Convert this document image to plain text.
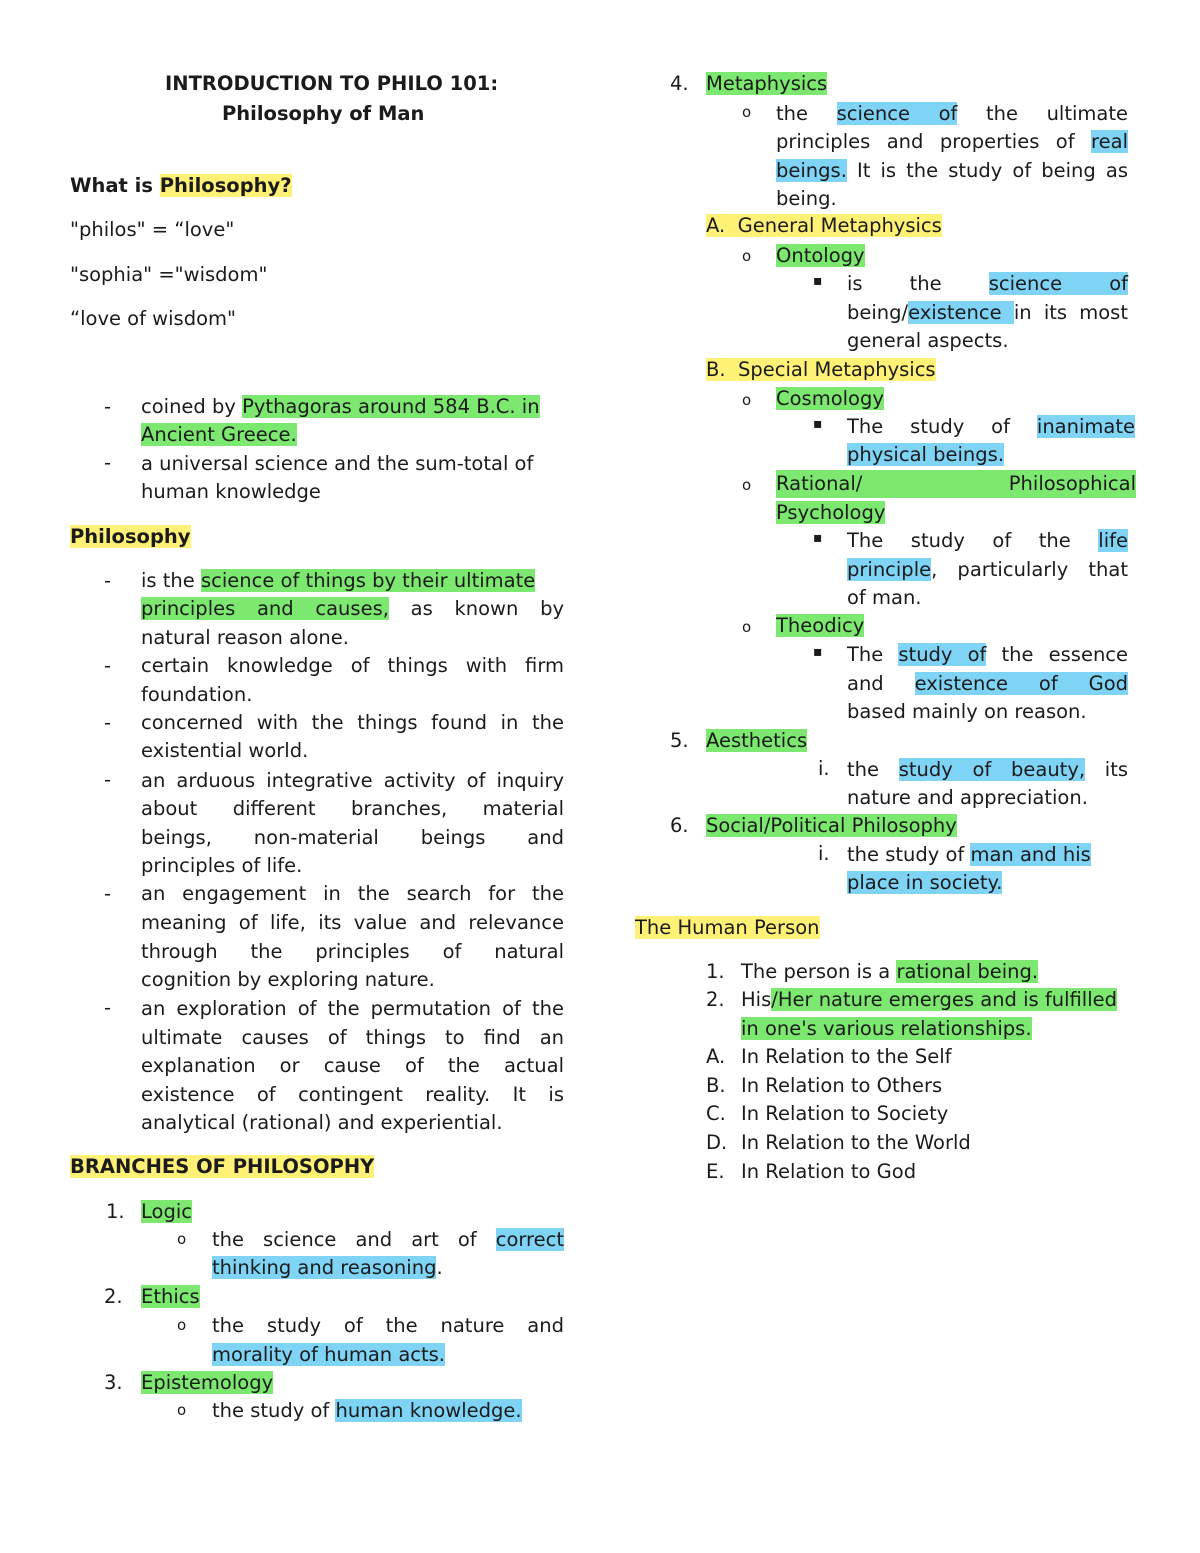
INTRODUCTION TO PHILO 101:
Philosophy of Man
What is Philosophy?
"philos" = “love"
"sophia" ="wisdom"
“love of wisdom"
- coined by Pythagoras around 584 B.C. in
Ancient Greece.
- a universal science and the sum-total of
human knowledge
Philosophy
- is the science of things by their ultimate
principles and causes, as known by
natural reason alone.
- certain knowledge of things with firm
foundation.
- concerned with the things found in the
existential world.
- an arduous integrative activity of inquiry
about different branches, material
beings, non-material beings and
principles of life.
- an engagement in the search for the
meaning of life, its value and relevance
through the principles of natural
cognition by exploring nature.
- an exploration of the permutation of the
ultimate causes of things to find an
explanation or cause of the actual
existence of contingent reality. It is
analytical (rational) and experiential.
BRANCHES OF PHILOSOPHY
1. Logic
o the science and art of correct
thinking and reasoning.
2. Ethics
o the study of the nature and
morality of human acts.
3. Epistemology
o the study of human knowledge.
4. Metaphysics
o the science of the ultimate
principles and properties of real
beings. It is the study of being as
being.
A. General Metaphysics
o Ontology
▪ is the science of
being/existence in its most
general aspects.
B. Special Metaphysics
o Cosmology
▪ The study of inanimate
physical beings.
o Rational/	Philosophical
Psychology
▪ The study of the life
principle, particularly that
of man.
o Theodicy
▪ The study of the essence
and existence of God
based mainly on reason.
5. Aesthetics
i. the study of beauty, its
nature and appreciation.
6. Social/Political Philosophy
i. the study of man and his
place in society.
The Human Person
1. The person is a rational being.
2. His/Her nature emerges and is fulfilled
in one's various relationships.
A. In Relation to the Self
B. In Relation to Others
C. In Relation to Society
D. In Relation to the World
E. In Relation to God
